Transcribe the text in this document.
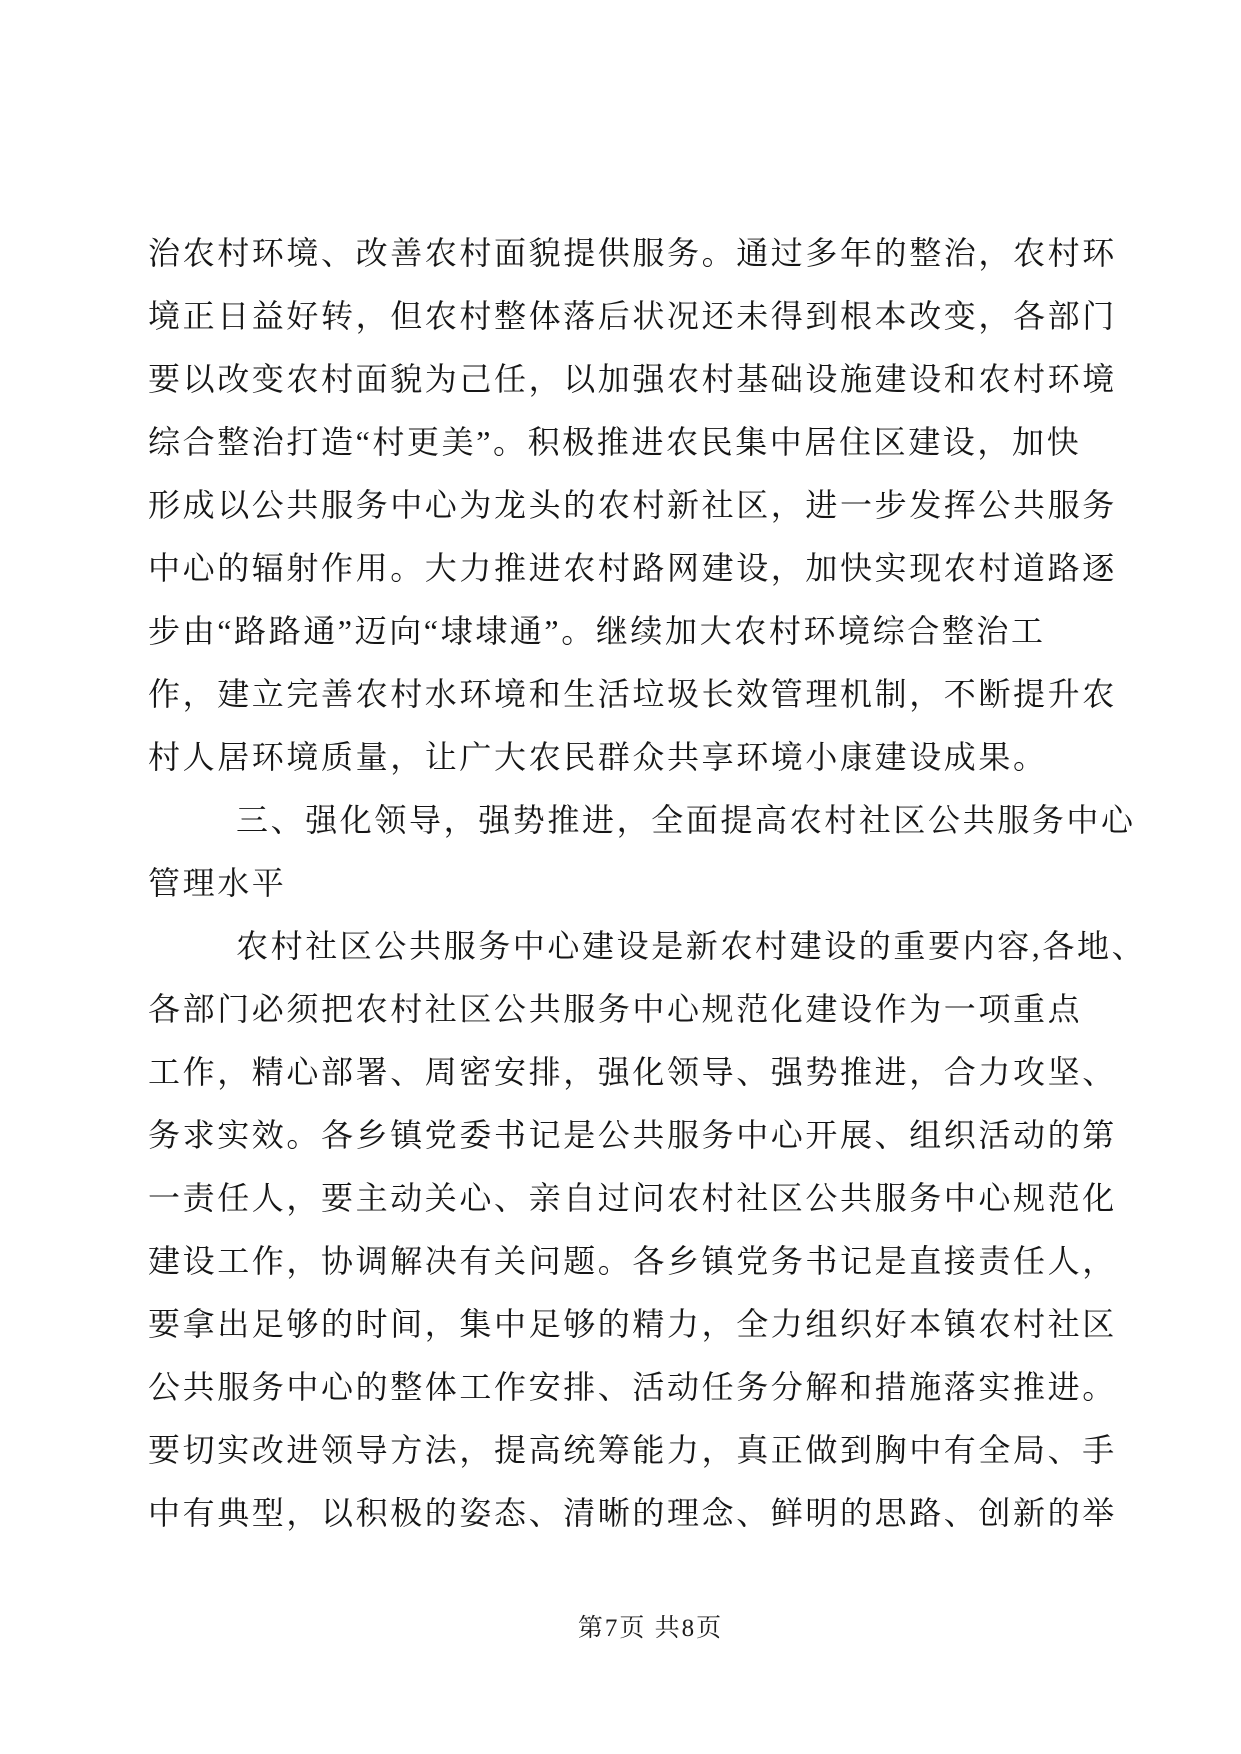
治农村环境、改善农村面貌提供服务。通过多年的整治，农村环
境正日益好转，但农村整体落后状况还未得到根本改变，各部门
要以改变农村面貌为己任，以加强农村基础设施建设和农村环境
综合整治打造“村更美”。积极推进农民集中居住区建设，加快
形成以公共服务中心为龙头的农村新社区，进一步发挥公共服务
中心的辐射作用。大力推进农村路网建设，加快实现农村道路逐
步由“路路通”迈向“埭埭通”。继续加大农村环境综合整治工
作，建立完善农村水环境和生活垃圾长效管理机制，不断提升农
村人居环境质量，让广大农民群众共享环境小康建设成果。
三、强化领导，强势推进，全面提高农村社区公共服务中心
管理水平
农村社区公共服务中心建设是新农村建设的重要内容,各地、
各部门必须把农村社区公共服务中心规范化建设作为一项重点
工作，精心部署、周密安排，强化领导、强势推进，合力攻坚、
务求实效。各乡镇党委书记是公共服务中心开展、组织活动的第
一责任人，要主动关心、亲自过问农村社区公共服务中心规范化
建设工作，协调解决有关问题。各乡镇党务书记是直接责任人，
要拿出足够的时间，集中足够的精力，全力组织好本镇农村社区
公共服务中心的整体工作安排、活动任务分解和措施落实推进。
要切实改进领导方法，提高统筹能力，真正做到胸中有全局、手
中有典型，以积极的姿态、清晰的理念、鲜明的思路、创新的举
第7页 共8页
